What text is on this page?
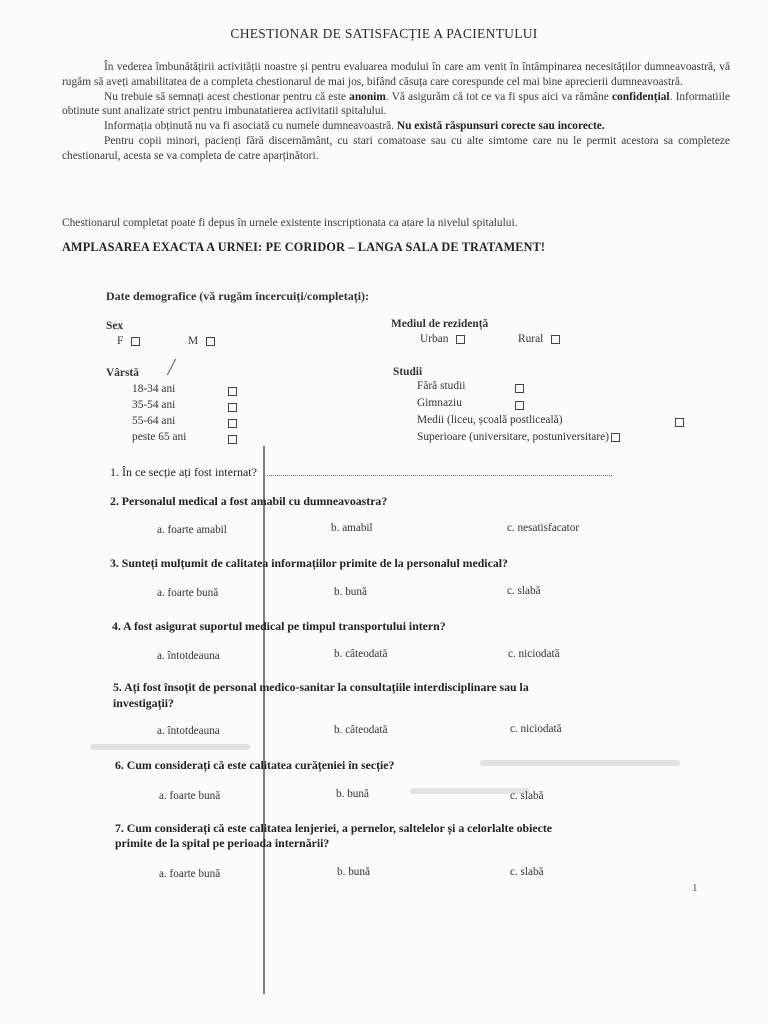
CHESTIONAR DE SATISFACȚIE A PACIENTULUI

În vederea îmbunătățirii activității noastre și pentru evaluarea modului în care am venit în întâmpinarea necesităților dumneavoastră, vă rugăm să aveți amabilitatea de a completa chestionarul de mai jos, bifând căsuța care corespunde cel mai bine aprecierii dumneavoastră.

Nu trebuie să semnați acest chestionar pentru că este anonim. Vă asigurăm că tot ce va fi spus aici va rămâne confidențial. Informatiile obtinute sunt analizate strict pentru imbunatatierea activitatii spitalului.

Informația obținută nu va fi asociată cu numele dumneavoastră. Nu există răspunsuri corecte sau incorecte.

Pentru copii minori, pacienți fără discernământ, cu stari comatoase sau cu alte simtome care nu le permit acestora sa completeze chestionarul, acesta se va completa de catre aparținători.

Chestionarul completat poate fi depus în urnele existente inscriptionata ca atare la nivelul spitalului.
AMPLASAREA EXACTA A URNEI: PE CORIDOR – LANGA SALA DE TRATAMENT!
Date demografice (vă rugăm încercuiți/completați):
Sex
F	M
Mediul de rezidență
Urban	Rural
Vârstă
18-34 ani
35-54 ani
55-64 ani
peste 65 ani
Studii
Fără studii
Gimnaziu
Medii (liceu, școală postliceală)
Superioare (universitare, postuniversitare)
1. În ce secție ați fost internat?
2. Personalul medical a fost amabil cu dumneavoastra?
a. foarte amabil	b. amabil	c. nesatisfacator
3. Sunteți mulțumit de calitatea informațiilor primite de la personalul medical?
a. foarte bună	b. bună	c. slabă
4. A fost asigurat suportul medical pe timpul transportului intern?
a. întotdeauna	b. câteodată	c. niciodată
5. Ați fost însoțit de personal medico-sanitar la consultațiile interdisciplinare sau la
investigații?
a. întotdeauna	b. câteodată	c. niciodată
6. Cum considerați că este calitatea curățeniei în secție?
a. foarte bună	b. bună	c. slabă
7. Cum considerați că este calitatea lenjeriei, a pernelor, saltelelor și a celorlalte obiecte
primite de la spital pe perioada internării?
a. foarte bună	b. bună	c. slabă
1
